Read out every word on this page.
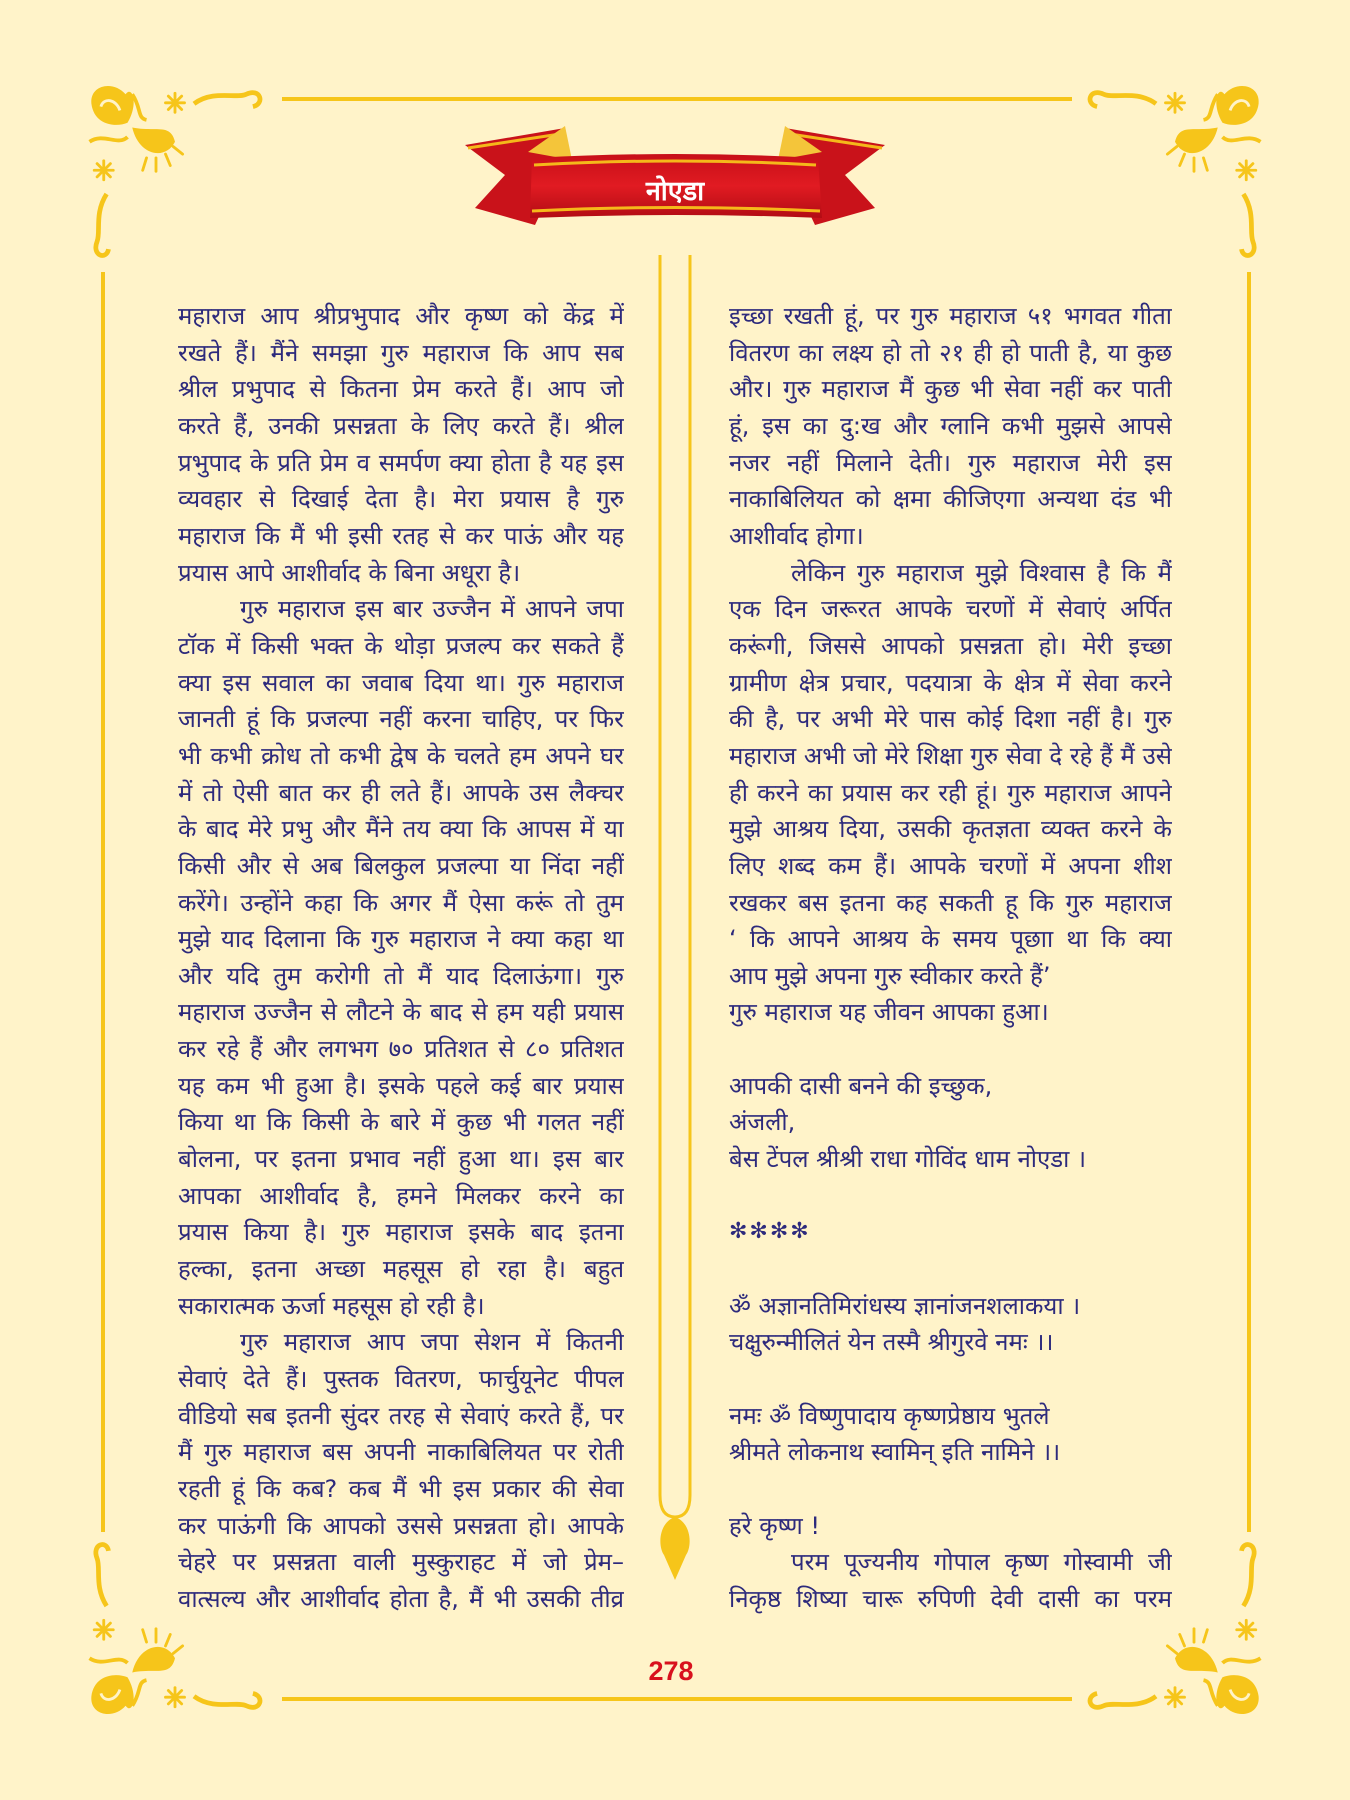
नोएडा
महाराज आप श्रीप्रभुपाद और कृष्ण को केंद्र में
रखते हैं। मैंने समझा गुरु महाराज कि आप सब
श्रील प्रभुपाद से कितना प्रेम करते हैं। आप जो
करते हैं, उनकी प्रसन्नता के लिए करते हैं। श्रील
प्रभुपाद के प्रति प्रेम व समर्पण क्या होता है यह इस
व्यवहार से दिखाई देता है। मेरा प्रयास है गुरु
महाराज कि मैं भी इसी रतह से कर पाऊं और यह
प्रयास आपे आशीर्वाद के बिना अधूरा है।
गुरु महाराज इस बार उज्जैन में आपने जपा
टॉक में किसी भक्त के थोड़ा प्रजल्प कर सकते हैं
क्या इस सवाल का जवाब दिया था। गुरु महाराज
जानती हूं कि प्रजल्पा नहीं करना चाहिए, पर फिर
भी कभी क्रोध तो कभी द्वेष के चलते हम अपने घर
में तो ऐसी बात कर ही लते हैं। आपके उस लैक्चर
के बाद मेरे प्रभु और मैंने तय क्या कि आपस में या
किसी और से अब बिलकुल प्रजल्पा या निंदा नहीं
करेंगे। उन्होंने कहा कि अगर मैं ऐसा करूं तो तुम
मुझे याद दिलाना कि गुरु महाराज ने क्या कहा था
और यदि तुम करोगी तो मैं याद दिलाऊंगा। गुरु
महाराज उज्जैन से लौटने के बाद से हम यही प्रयास
कर रहे हैं और लगभग ७० प्रतिशत से ८० प्रतिशत
यह कम भी हुआ है। इसके पहले कई बार प्रयास
किया था कि किसी के बारे में कुछ भी गलत नहीं
बोलना, पर इतना प्रभाव नहीं हुआ था। इस बार
आपका आशीर्वाद है, हमने मिलकर करने का
प्रयास किया है। गुरु महाराज इसके बाद इतना
हल्का, इतना अच्छा महसूस हो रहा है। बहुत
सकारात्मक ऊर्जा महसूस हो रही है।
गुरु महाराज आप जपा सेशन में कितनी
सेवाएं देते हैं। पुस्तक वितरण, फार्चुयूनेट पीपल
वीडियो सब इतनी सुंदर तरह से सेवाएं करते हैं, पर
मैं गुरु महाराज बस अपनी नाकाबिलियत पर रोती
रहती हूं कि कब? कब मैं भी इस प्रकार की सेवा
कर पाऊंगी कि आपको उससे प्रसन्नता हो। आपके
चेहरे पर प्रसन्नता वाली मुस्कुराहट में जो प्रेम–
वात्सल्य और आशीर्वाद होता है, मैं भी उसकी तीव्र
इच्छा रखती हूं, पर गुरु महाराज ५१ भगवत गीता
वितरण का लक्ष्य हो तो २१ ही हो पाती है, या कुछ
और। गुरु महाराज मैं कुछ भी सेवा नहीं कर पाती
हूं, इस का दु:ख और ग्लानि कभी मुझसे आपसे
नजर नहीं मिलाने देती। गुरु महाराज मेरी इस
नाकाबिलियत को क्षमा कीजिएगा अन्यथा दंड भी
आशीर्वाद होगा।
लेकिन गुरु महाराज मुझे विश्वास है कि मैं
एक दिन जरूरत आपके चरणों में सेवाएं अर्पित
करूंगी, जिससे आपको प्रसन्नता हो। मेरी इच्छा
ग्रामीण क्षेत्र प्रचार, पदयात्रा के क्षेत्र में सेवा करने
की है, पर अभी मेरे पास कोई दिशा नहीं है। गुरु
महाराज अभी जो मेरे शिक्षा गुरु सेवा दे रहे हैं मैं उसे
ही करने का प्रयास कर रही हूं। गुरु महाराज आपने
मुझे आश्रय दिया, उसकी कृतज्ञता व्यक्त करने के
लिए शब्द कम हैं। आपके चरणों में अपना शीश
रखकर बस इतना कह सकती हू कि गुरु महाराज
‘ कि आपने आश्रय के समय पूछाा था कि क्या
आप मुझे अपना गुरु स्वीकार करते हैं’
गुरु महाराज यह जीवन आपका हुआ।
आपकी दासी बनने की इच्छुक,
अंजली,
बेस टेंपल श्रीश्री राधा गोविंद धाम नोएडा ।
✻✻✻✻
ॐ अज्ञानतिमिरांधस्य ज्ञानांजनशलाकया ।
चक्षुरुन्मीलितं येन तस्मै श्रीगुरवे नमः ।।
नमः ॐ विष्णुपादाय कृष्णप्रेष्ठाय भुतले
श्रीमते लोकनाथ स्वामिन् इति नामिने ।।
हरे कृष्ण !
परम पूज्यनीय गोपाल कृष्ण गोस्वामी जी
निकृष्ठ शिष्या चारू रुपिणी देवी दासी का परम
278
